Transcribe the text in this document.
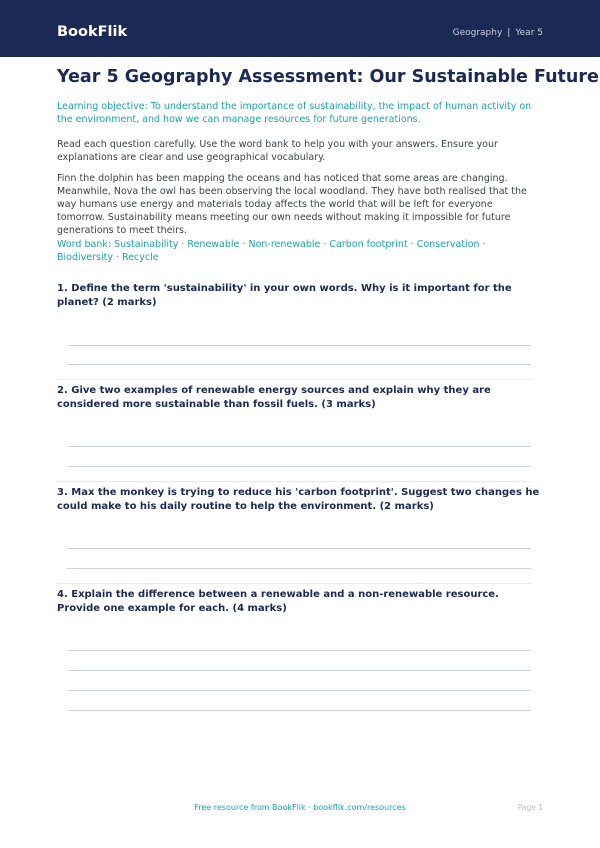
BookFlik	Geography | Year 5
Year 5 Geography Assessment: Our Sustainable Future

Learning objective: To understand the importance of sustainability, the impact of human activity on the environment, and how we can manage resources for future generations.

Read each question carefully. Use the word bank to help you with your answers. Ensure your explanations are clear and use geographical vocabulary.

Finn the dolphin has been mapping the oceans and has noticed that some areas are changing. Meanwhile, Nova the owl has been observing the local woodland. They have both realised that the way humans use energy and materials today affects the world that will be left for everyone tomorrow. Sustainability means meeting our own needs without making it impossible for future generations to meet theirs.

Word bank: Sustainability · Renewable · Non-renewable · Carbon footprint · Conservation · Biodiversity · Recycle

1. Define the term 'sustainability' in your own words. Why is it important for the planet? (2 marks)

2. Give two examples of renewable energy sources and explain why they are considered more sustainable than fossil fuels. (3 marks)

3. Max the monkey is trying to reduce his 'carbon footprint'. Suggest two changes he could make to his daily routine to help the environment. (2 marks)

4. Explain the difference between a renewable and a non-renewable resource. Provide one example for each. (4 marks)

Free resource from BookFlik · bookflik.com/resources	Page 1
